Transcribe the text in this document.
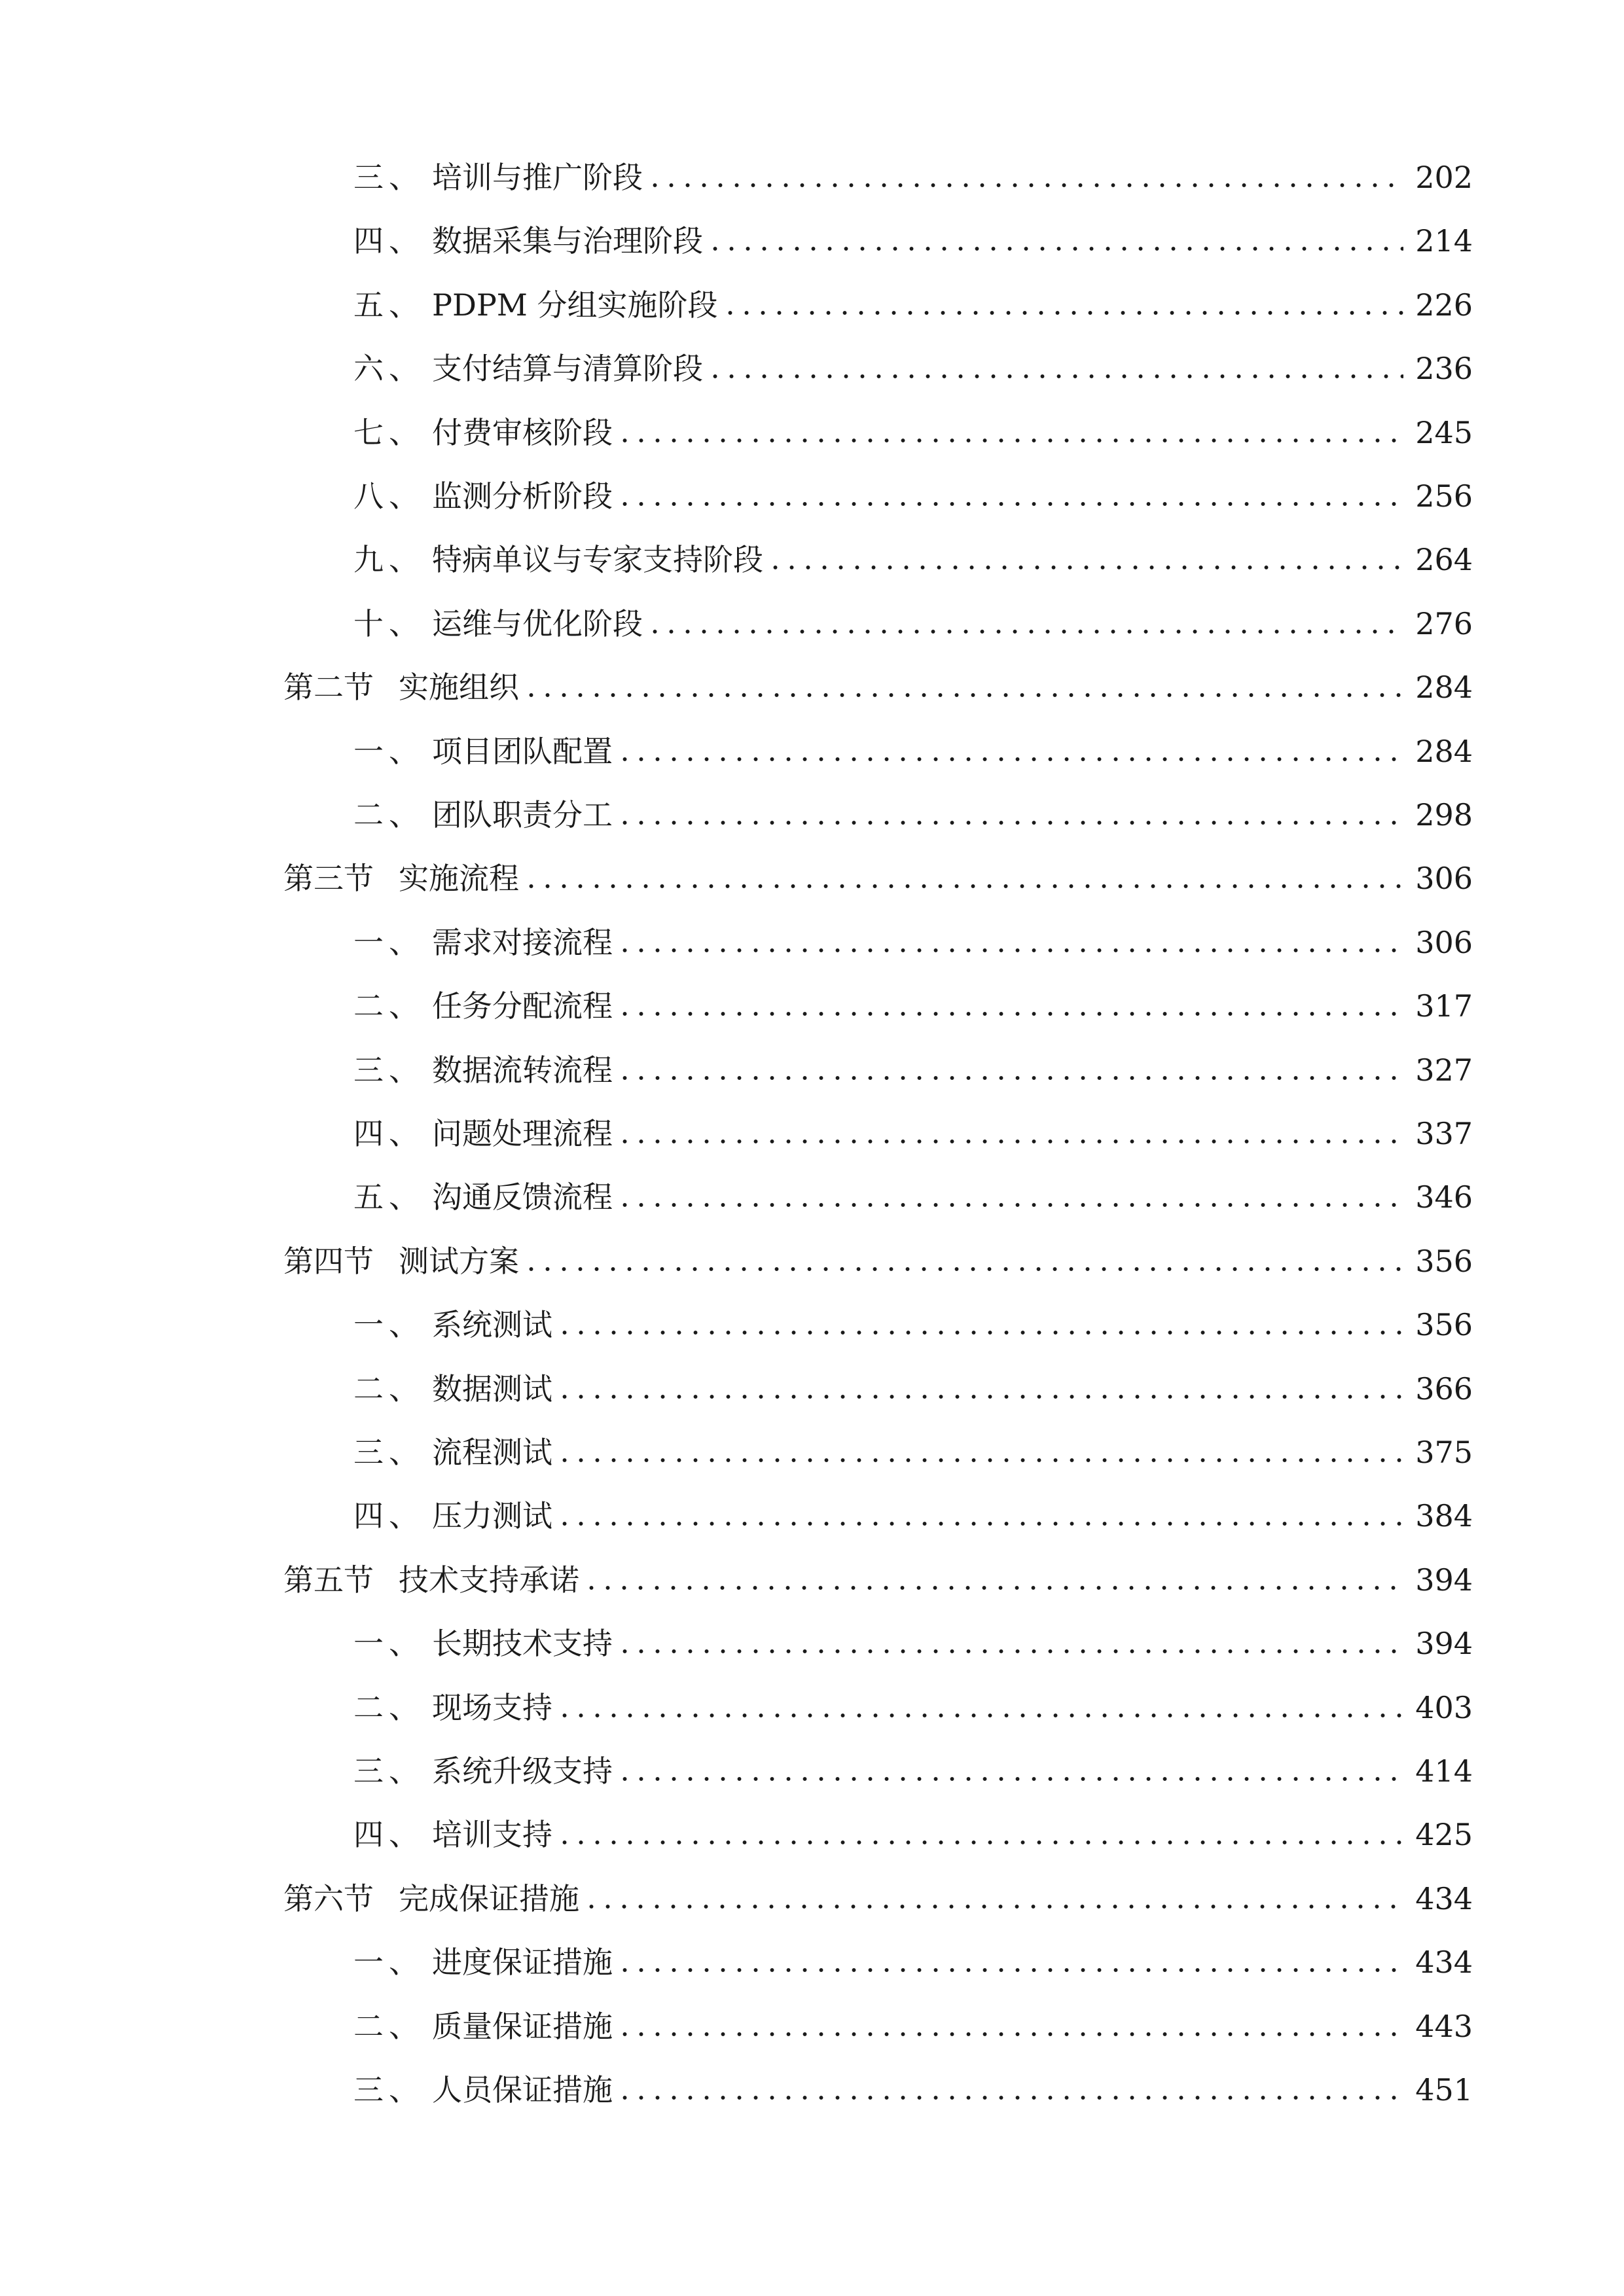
三、 培训与推广阶段	202
四、 数据采集与治理阶段	214
五、 PDPM 分组实施阶段	226
六、 支付结算与清算阶段	236
七、 付费审核阶段	245
八、 监测分析阶段	256
九、 特病单议与专家支持阶段	264
十、 运维与优化阶段	276
第二节 实施组织	284
一、 项目团队配置	284
二、 团队职责分工	298
第三节 实施流程	306
一、 需求对接流程	306
二、 任务分配流程	317
三、 数据流转流程	327
四、 问题处理流程	337
五、 沟通反馈流程	346
第四节 测试方案	356
一、 系统测试	356
二、 数据测试	366
三、 流程测试	375
四、 压力测试	384
第五节 技术支持承诺	394
一、 长期技术支持	394
二、 现场支持	403
三、 系统升级支持	414
四、 培训支持	425
第六节 完成保证措施	434
一、 进度保证措施	434
二、 质量保证措施	443
三、 人员保证措施	451
